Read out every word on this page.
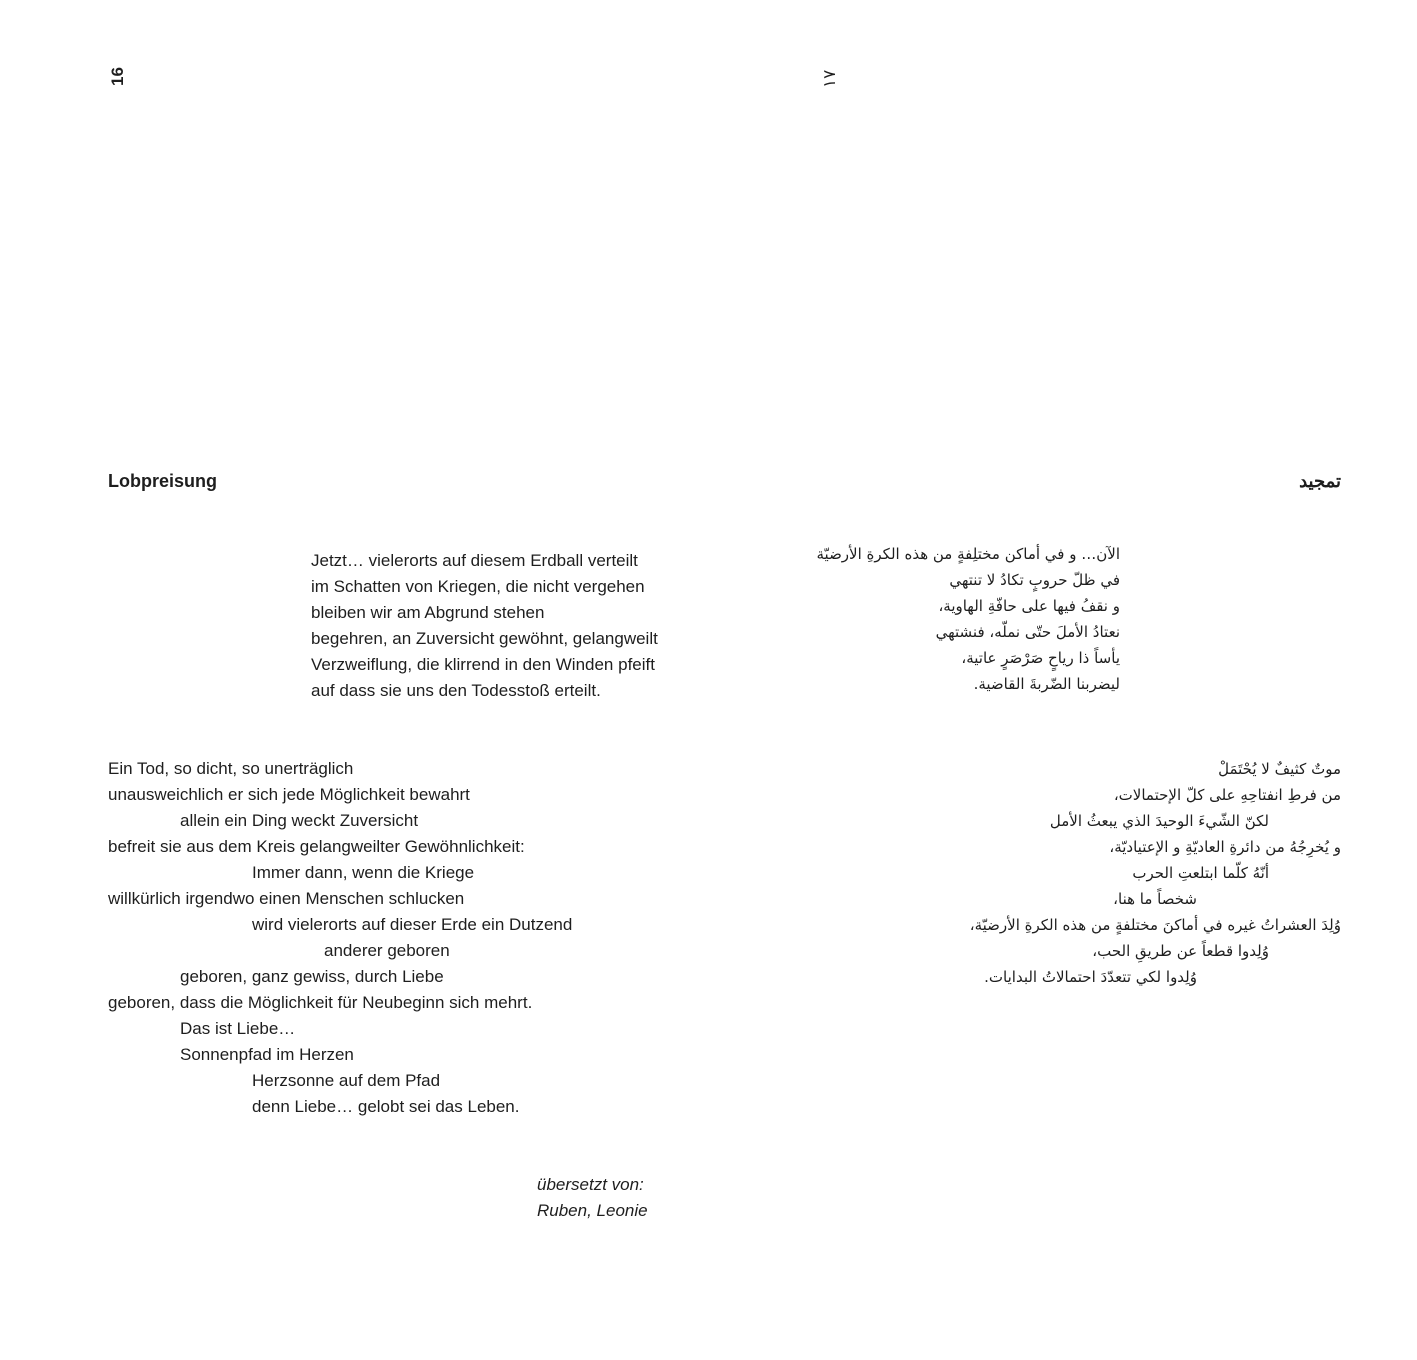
16	١٧
Lobpreisung	تمجيد
Jetzt… vielerorts auf diesem Erdball verteilt
im Schatten von Kriegen, die nicht vergehen
bleiben wir am Abgrund stehen
begehren, an Zuversicht gewöhnt, gelangweilt
Verzweiflung, die klirrend in den Winden pfeift
auf dass sie uns den Todesstoß erteilt.
Ein Tod, so dicht, so unerträglich
unausweichlich er sich jede Möglichkeit bewahrt
allein ein Ding weckt Zuversicht
befreit sie aus dem Kreis gelangweilter Gewöhnlichkeit:
Immer dann, wenn die Kriege
willkürlich irgendwo einen Menschen schlucken
wird vielerorts auf dieser Erde ein Dutzend
anderer geboren
geboren, ganz gewiss, durch Liebe
geboren, dass die Möglichkeit für Neubeginn sich mehrt.
Das ist Liebe…
Sonnenpfad im Herzen
Herzsonne auf dem Pfad
denn Liebe… gelobt sei das Leben.
الآن… و في أماكن مختلِفةٍ من هذه الكرةِ الأرضيّة
في ظلّ حروبٍ تكادُ لا تنتهي
و نقفُ فيها على حافّةِ الهاوية،
نعتادُ الأملَ حتّى نملّه، فنشتهي
يأساً ذا رياحٍ صَرْصَرٍ عاتية،
ليضربنا الضّربةَ القاضية.
موتٌ كثيفٌ لا يُحْتَمَلْ
من فرطِ انفتاحِهِ على كلّ الإحتمالات،
لكنّ الشّيءَ الوحيدَ الذي يبعثُ الأمل
و يُخرِجُهُ من دائرةِ العاديّةِ و الإعتياديّة،
أنّهُ كلّما ابتلعتِ الحرب
شخصاً ما هنا،
وُلِدَ العشراتُ غيره في أماكنَ مختلفةٍ من هذه الكرةِ الأرضيّة،
وُلِدوا قطعاً عن طريقِ الحب،
وُلِدوا لكي تتعدّدَ احتمالاتُ البدايات.
übersetzt von:
Ruben, Leonie
